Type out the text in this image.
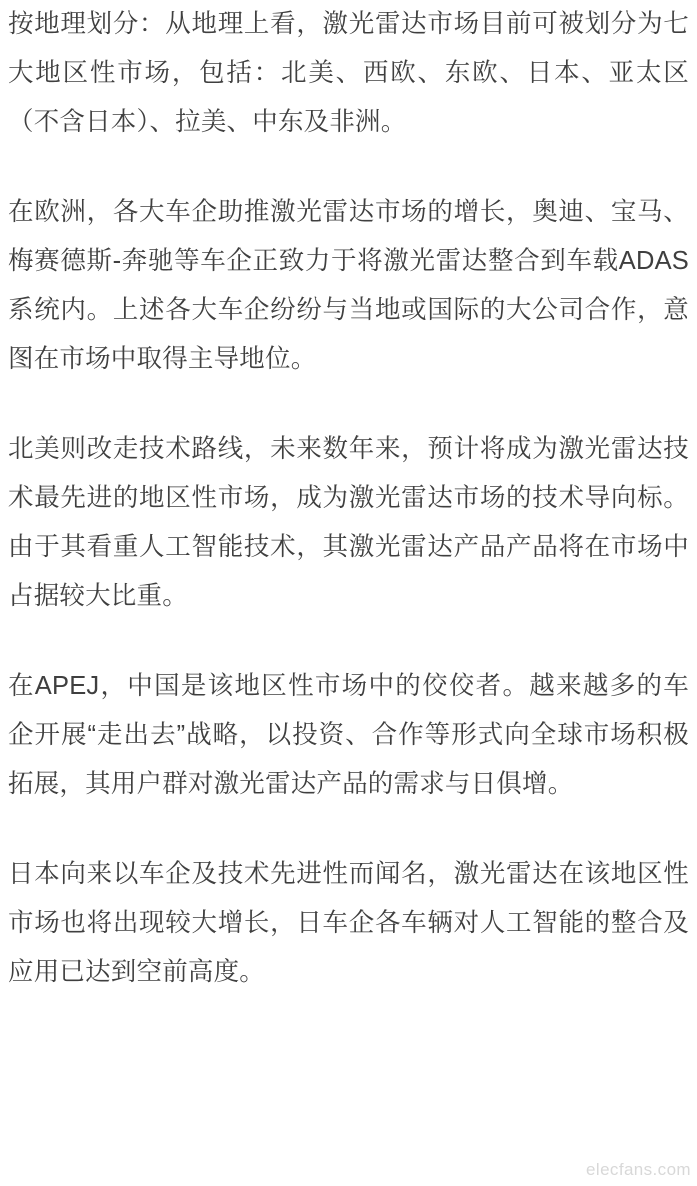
按地理划分：从地理上看，激光雷达市场目前可被划分为七大地区性市场，包括：北美、西欧、东欧、日本、亚太区（不含日本）、拉美、中东及非洲。

在欧洲，各大车企助推激光雷达市场的增长，奥迪、宝马、梅赛德斯-奔驰等车企正致力于将激光雷达整合到车载ADAS系统内。上述各大车企纷纷与当地或国际的大公司合作，意图在市场中取得主导地位。

北美则改走技术路线，未来数年来，预计将成为激光雷达技术最先进的地区性市场，成为激光雷达市场的技术导向标。由于其看重人工智能技术，其激光雷达产品产品将在市场中占据较大比重。

在APEJ，中国是该地区性市场中的佼佼者。越来越多的车企开展“走出去”战略，以投资、合作等形式向全球市场积极拓展，其用户群对激光雷达产品的需求与日俱增。

日本向来以车企及技术先进性而闻名，激光雷达在该地区性市场也将出现较大增长，日车企各车辆对人工智能的整合及应用已达到空前高度。

elecfans.com
